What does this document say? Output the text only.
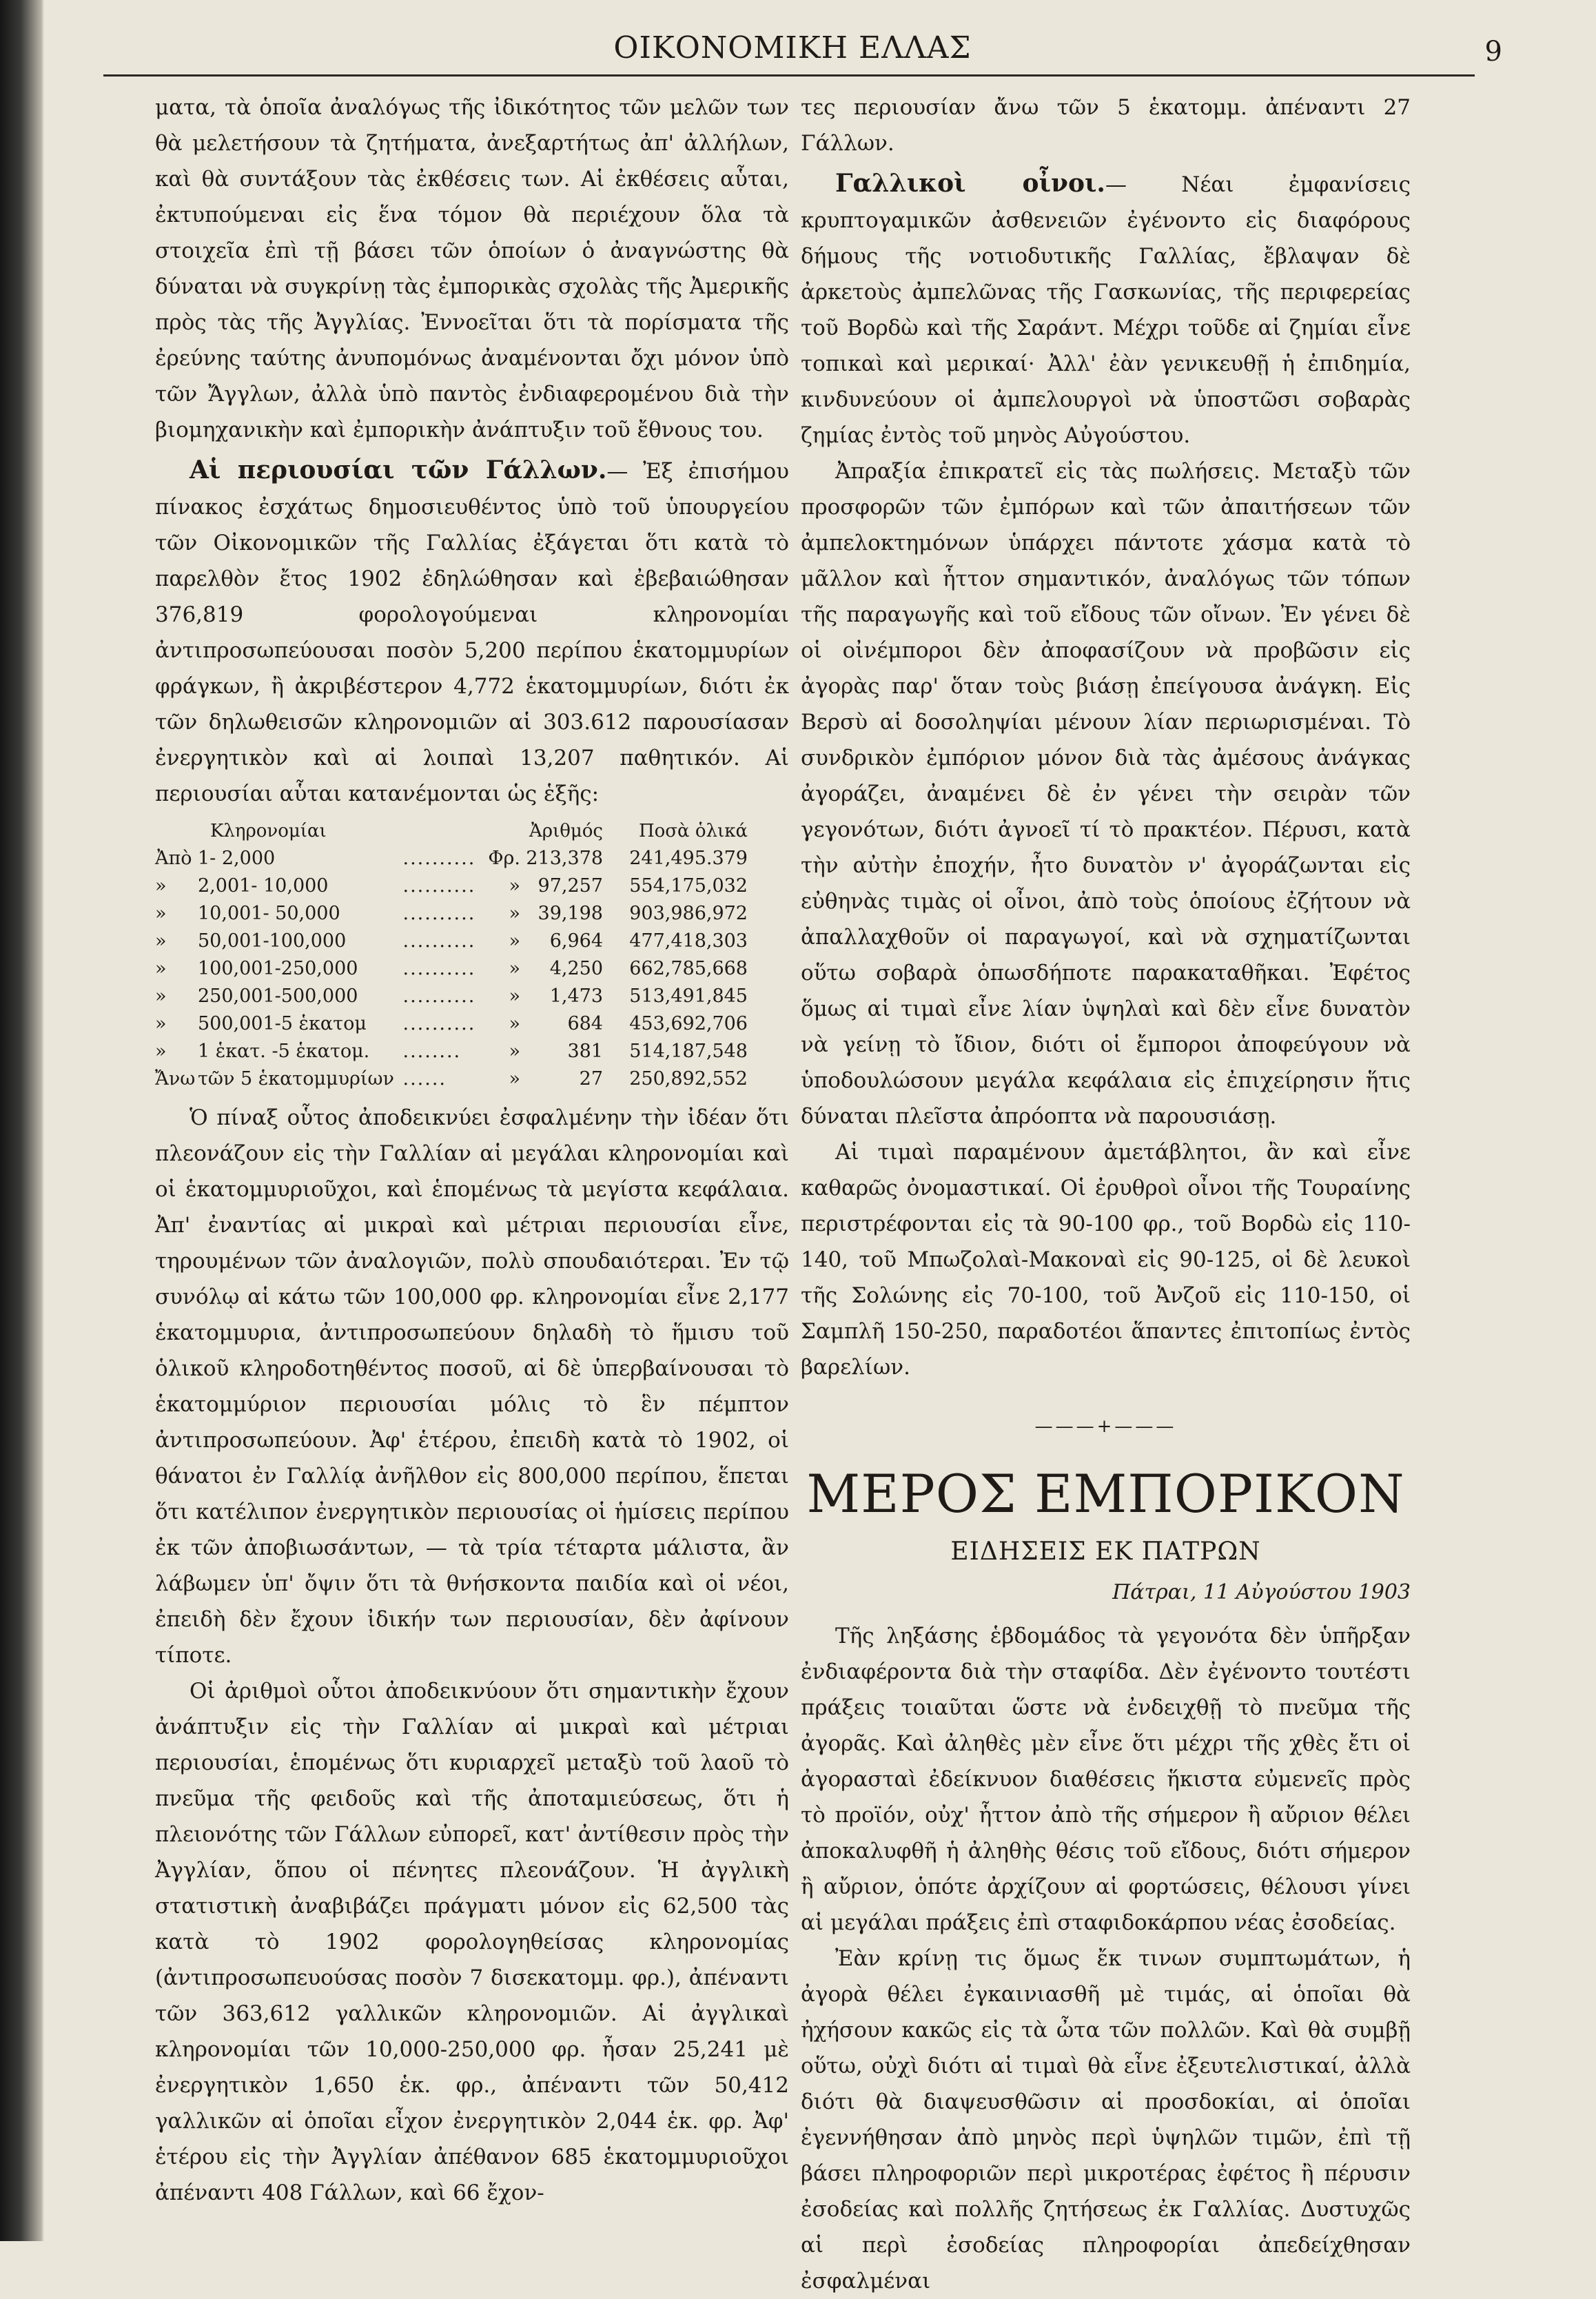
ΟΙΚΟΝΟΜΙΚΗ ΕΛΛΑΣ	9

ματα, τὰ ὁποῖα ἀναλόγως τῆς ἰδικότητος τῶν μελῶν των θὰ μελετήσουν τὰ ζητήματα, ἀνεξαρτήτως ἀπ' ἀλλήλων, καὶ θὰ συντάξουν τὰς ἐκθέσεις των. Αἱ ἐκθέσεις αὗται, ἐκτυπούμεναι εἰς ἕνα τόμον θὰ περιέχουν ὅλα τὰ στοιχεῖα ἐπὶ τῇ βάσει τῶν ὁποίων ὁ ἀναγνώστης θὰ δύναται νὰ συγκρίνῃ τὰς ἐμπορικὰς σχολὰς τῆς Ἀμερικῆς πρὸς τὰς τῆς Ἀγγλίας. Ἐννοεῖται ὅτι τὰ πορίσματα τῆς ἐρεύνης ταύτης ἀνυπομόνως ἀναμένονται ὄχι μόνον ὑπὸ τῶν Ἄγγλων, ἀλλὰ ὑπὸ παντὸς ἐνδιαφερομένου διὰ τὴν βιομηχανικὴν καὶ ἐμπορικὴν ἀνάπτυξιν τοῦ ἔθνους του.

Αἱ περιουσίαι τῶν Γάλλων.— Ἐξ ἐπισήμου πίνακος ἐσχάτως δημοσιευθέντος ὑπὸ τοῦ ὑπουργείου τῶν Οἰκονομικῶν τῆς Γαλλίας ἐξάγεται ὅτι κατὰ τὸ παρελθὸν ἔτος 1902 ἐδηλώθησαν καὶ ἐβεβαιώθησαν 376,819 φορολογούμεναι κληρονομίαι ἀντιπροσωπεύουσαι ποσὸν 5,200 περίπου ἑκατομμυρίων φράγκων, ἢ ἀκριβέστερον 4,772 ἑκατομμυρίων, διότι ἐκ τῶν δηλωθεισῶν κληρονομιῶν αἱ 303.612 παρουσίασαν ἐνεργητικὸν καὶ αἱ λοιπαὶ 13,207 παθητικόν. Αἱ περιουσίαι αὗται κατανέμονται ὡς ἑξῆς:

Κληρονομίαι				Ἀριθμός	Ποσὰ ὁλικά
Ἀπὸ	1- 2,000	..........	Φρ.	213,378	241,495.379
»	2,001- 10,000	..........	»	97,257	554,175,032
»	10,001- 50,000	..........	»	39,198	903,986,972
»	50,001-100,000	..........	»	6,964	477,418,303
»	100,001-250,000	..........	»	4,250	662,785,668
»	250,001-500,000	..........	»	1,473	513,491,845
»	500,001-5 ἑκατομ	..........	»	684	453,692,706
»	1 ἑκατ. -5 ἑκατομ.	........	»	381	514,187,548
Ἄνω	τῶν 5 ἑκατομμυρίων	......	»	27	250,892,552

Ὁ πίναξ οὗτος ἀποδεικνύει ἐσφαλμένην τὴν ἰδέαν ὅτι πλεονάζουν εἰς τὴν Γαλλίαν αἱ μεγάλαι κληρονομίαι καὶ οἱ ἑκατομμυριοῦχοι, καὶ ἑπομένως τὰ μεγίστα κεφάλαια. Ἀπ' ἐναντίας αἱ μικραὶ καὶ μέτριαι περιουσίαι εἶνε, τηρουμένων τῶν ἀναλογιῶν, πολὺ σπουδαιότεραι. Ἐν τῷ συνόλῳ αἱ κάτω τῶν 100,000 φρ. κληρονομίαι εἶνε 2,177 ἑκατομμυρια, ἀντιπροσωπεύουν δηλαδὴ τὸ ἥμισυ τοῦ ὁλικοῦ κληροδοτηθέντος ποσοῦ, αἱ δὲ ὑπερβαίνουσαι τὸ ἑκατομμύριον περιουσίαι μόλις τὸ ἓν πέμπτον ἀντιπροσωπεύουν. Ἀφ' ἑτέρου, ἐπειδὴ κατὰ τὸ 1902, οἱ θάνατοι ἐν Γαλλίᾳ ἀνῆλθον εἰς 800,000 περίπου, ἕπεται ὅτι κατέλιπον ἐνεργητικὸν περιουσίας οἱ ἡμίσεις περίπου ἐκ τῶν ἀποβιωσάντων, — τὰ τρία τέταρτα μάλιστα, ἂν λάβωμεν ὑπ' ὄψιν ὅτι τὰ θνήσκοντα παιδία καὶ οἱ νέοι, ἐπειδὴ δὲν ἔχουν ἰδικήν των περιουσίαν, δὲν ἀφίνουν τίποτε.

Οἱ ἀριθμοὶ οὗτοι ἀποδεικνύουν ὅτι σημαντικὴν ἔχουν ἀνάπτυξιν εἰς τὴν Γαλλίαν αἱ μικραὶ καὶ μέτριαι περιουσίαι, ἑπομένως ὅτι κυριαρχεῖ μεταξὺ τοῦ λαοῦ τὸ πνεῦμα τῆς φειδοῦς καὶ τῆς ἀποταμιεύσεως, ὅτι ἡ πλειονότης τῶν Γάλλων εὐπορεῖ, κατ' ἀντίθεσιν πρὸς τὴν Ἀγγλίαν, ὅπου οἱ πένητες πλεονάζουν. Ἡ ἀγγλικὴ στατιστικὴ ἀναβιβάζει πράγματι μόνον εἰς 62,500 τὰς κατὰ τὸ 1902 φορολογηθείσας κληρονομίας (ἀντιπροσωπευούσας ποσὸν 7 δισεκατομμ. φρ.), ἀπέναντι τῶν 363,612 γαλλικῶν κληρονομιῶν. Αἱ ἀγγλικαὶ κληρονομίαι τῶν 10,000-250,000 φρ. ἦσαν 25,241 μὲ ἐνεργητικὸν 1,650 ἑκ. φρ., ἀπέναντι τῶν 50,412 γαλλικῶν αἱ ὁποῖαι εἶχον ἐνεργητικὸν 2,044 ἑκ. φρ. Ἀφ' ἑτέρου εἰς τὴν Ἀγγλίαν ἀπέθανον 685 ἑκατομμυριοῦχοι ἀπέναντι 408 Γάλλων, καὶ 66 ἔχον-

τες περιουσίαν ἄνω τῶν 5 ἑκατομμ. ἀπέναντι 27 Γάλλων.

Γαλλικοὶ οἶνοι.— Νέαι ἐμφανίσεις κρυπτογαμικῶν ἀσθενειῶν ἐγένοντο εἰς διαφόρους δήμους τῆς νοτιοδυτικῆς Γαλλίας, ἔβλαψαν δὲ ἀρκετοὺς ἀμπελῶνας τῆς Γασκωνίας, τῆς περιφερείας τοῦ Βορδὼ καὶ τῆς Σαράντ. Μέχρι τοῦδε αἱ ζημίαι εἶνε τοπικαὶ καὶ μερικαί· Ἀλλ' ἐὰν γενικευθῇ ἡ ἐπιδημία, κινδυνεύουν οἱ ἀμπελουργοὶ νὰ ὑποστῶσι σοβαρὰς ζημίας ἐντὸς τοῦ μηνὸς Αὐγούστου.

Ἀπραξία ἐπικρατεῖ εἰς τὰς πωλήσεις. Μεταξὺ τῶν προσφορῶν τῶν ἐμπόρων καὶ τῶν ἀπαιτήσεων τῶν ἀμπελοκτημόνων ὑπάρχει πάντοτε χάσμα κατὰ τὸ μᾶλλον καὶ ἧττον σημαντικόν, ἀναλόγως τῶν τόπων τῆς παραγωγῆς καὶ τοῦ εἴδους τῶν οἴνων. Ἐν γένει δὲ οἱ οἰνέμποροι δὲν ἀποφασίζουν νὰ προβῶσιν εἰς ἀγορὰς παρ' ὅταν τοὺς βιάσῃ ἐπείγουσα ἀνάγκη. Εἰς Βερσὺ αἱ δοσοληψίαι μένουν λίαν περιωρισμέναι. Τὸ συνδρικὸν ἐμπόριον μόνον διὰ τὰς ἀμέσους ἀνάγκας ἀγοράζει, ἀναμένει δὲ ἐν γένει τὴν σειρὰν τῶν γεγονότων, διότι ἀγνοεῖ τί τὸ πρακτέον. Πέρυσι, κατὰ τὴν αὐτὴν ἐποχήν, ἦτο δυνατὸν ν' ἀγοράζωνται εἰς εὐθηνὰς τιμὰς οἱ οἶνοι, ἀπὸ τοὺς ὁποίους ἐζήτουν νὰ ἀπαλλαχθοῦν οἱ παραγωγοί, καὶ νὰ σχηματίζωνται οὕτω σοβαρὰ ὁπωσδήποτε παρακαταθῆκαι. Ἐφέτος ὅμως αἱ τιμαὶ εἶνε λίαν ὑψηλαὶ καὶ δὲν εἶνε δυνατὸν νὰ γείνῃ τὸ ἴδιον, διότι οἱ ἔμποροι ἀποφεύγουν νὰ ὑποδουλώσουν μεγάλα κεφάλαια εἰς ἐπιχείρησιν ἥτις δύναται πλεῖστα ἀπρόοπτα νὰ παρουσιάσῃ.

Αἱ τιμαὶ παραμένουν ἀμετάβλητοι, ἂν καὶ εἶνε καθαρῶς ὀνομαστικαί. Οἱ ἐρυθροὶ οἶνοι τῆς Τουραίνης περιστρέφονται εἰς τὰ 90-100 φρ., τοῦ Βορδὼ εἰς 110-140, τοῦ Μπωζολαὶ-Μακοναὶ εἰς 90-125, οἱ δὲ λευκοὶ τῆς Σολώνης εἰς 70-100, τοῦ Ἀνζοῦ εἰς 110-150, οἱ Σαμπλῆ 150-250, παραδοτέοι ἅπαντες ἐπιτοπίως ἐντὸς βαρελίων.

———+———
ΜΕΡΟΣ ΕΜΠΟΡΙΚΟΝ
ΕΙΔΗΣΕΙΣ ΕΚ ΠΑΤΡΩΝ
Πάτραι, 11 Αὐγούστου 1903

Τῆς ληξάσης ἑβδομάδος τὰ γεγονότα δὲν ὑπῆρξαν ἐνδιαφέροντα διὰ τὴν σταφίδα. Δὲν ἐγένοντο τουτέστι πράξεις τοιαῦται ὥστε νὰ ἐνδειχθῇ τὸ πνεῦμα τῆς ἀγορᾶς. Καὶ ἀληθὲς μὲν εἶνε ὅτι μέχρι τῆς χθὲς ἔτι οἱ ἀγορασταὶ ἐδείκνυον διαθέσεις ἥκιστα εὐμενεῖς πρὸς τὸ προϊόν, οὐχ' ἧττον ἀπὸ τῆς σήμερον ἢ αὔριον θέλει ἀποκαλυφθῆ ἡ ἀληθὴς θέσις τοῦ εἴδους, διότι σήμερον ἢ αὔριον, ὁπότε ἀρχίζουν αἱ φορτώσεις, θέλουσι γίνει αἱ μεγάλαι πράξεις ἐπὶ σταφιδοκάρπου νέας ἐσοδείας.

Ἐὰν κρίνῃ τις ὅμως ἔκ τινων συμπτωμάτων, ἡ ἀγορὰ θέλει ἐγκαινιασθῆ μὲ τιμάς, αἱ ὁποῖαι θὰ ἠχήσουν κακῶς εἰς τὰ ὦτα τῶν πολλῶν. Καὶ θὰ συμβῇ οὕτω, οὐχὶ διότι αἱ τιμαὶ θὰ εἶνε ἐξευτελιστικαί, ἀλλὰ διότι θὰ διαψευσθῶσιν αἱ προσδοκίαι, αἱ ὁποῖαι ἐγεννήθησαν ἀπὸ μηνὸς περὶ ὑψηλῶν τιμῶν, ἐπὶ τῇ βάσει πληροφοριῶν περὶ μικροτέρας ἐφέτος ἢ πέρυσιν ἐσοδείας καὶ πολλῆς ζητήσεως ἐκ Γαλλίας. Δυστυχῶς αἱ περὶ ἐσοδείας πληροφορίαι ἀπεδείχθησαν ἐσφαλμέναι
